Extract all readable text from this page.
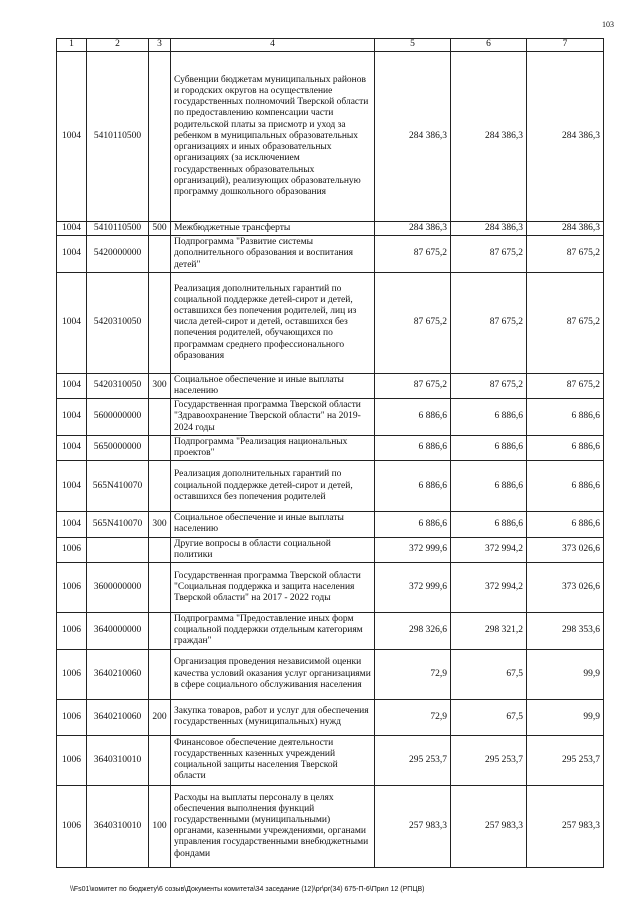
103
1	2	3	4	5	6	7
1004	5410110500		Субвенции бюджетам муниципальных районов и городских округов на осуществление государственных полномочий Тверской области по предоставлению компенсации части родительской платы за присмотр и уход за ребенком в муниципальных образовательных организациях и иных образовательных организациях (за исключением государственных образовательных организаций), реализующих образовательную программу дошкольного образования	284 386,3	284 386,3	284 386,3
1004	5410110500	500	Межбюджетные трансферты	284 386,3	284 386,3	284 386,3
1004	5420000000		Подпрограмма "Развитие системы дополнительного образования и воспитания детей"	87 675,2	87 675,2	87 675,2
1004	5420310050		Реализация дополнительных гарантий по социальной поддержке детей-сирот и детей, оставшихся без попечения родителей, лиц из числа детей-сирот и детей, оставшихся без попечения родителей, обучающихся по программам среднего профессионального образования	87 675,2	87 675,2	87 675,2
1004	5420310050	300	Социальное обеспечение и иные выплаты населению	87 675,2	87 675,2	87 675,2
1004	5600000000		Государственная программа Тверской области "Здравоохранение Тверской области" на 2019-2024 годы	6 886,6	6 886,6	6 886,6
1004	5650000000		Подпрограмма "Реализация национальных проектов"	6 886,6	6 886,6	6 886,6
1004	565N410070		Реализация дополнительных гарантий по социальной поддержке детей-сирот и детей, оставшихся без попечения родителей	6 886,6	6 886,6	6 886,6
1004	565N410070	300	Социальное обеспечение и иные выплаты населению	6 886,6	6 886,6	6 886,6
1006			Другие вопросы в области социальной политики	372 999,6	372 994,2	373 026,6
1006	3600000000		Государственная программа Тверской области "Социальная поддержка и защита населения Тверской области" на 2017 - 2022 годы	372 999,6	372 994,2	373 026,6
1006	3640000000		Подпрограмма "Предоставление иных форм социальной поддержки отдельным категориям граждан"	298 326,6	298 321,2	298 353,6
1006	3640210060		Организация проведения независимой оценки качества условий оказания услуг организациями в сфере социального обслуживания населения	72,9	67,5	99,9
1006	3640210060	200	Закупка товаров, работ и услуг для обеспечения государственных (муниципальных) нужд	72,9	67,5	99,9
1006	3640310010		Финансовое обеспечение деятельности государственных казенных учреждений социальной защиты населения Тверской области	295 253,7	295 253,7	295 253,7
1006	3640310010	100	Расходы на выплаты персоналу в целях обеспечения выполнения функций государственными (муниципальными) органами, казенными учреждениями, органами управления государственными внебюджетными фондами	257 983,3	257 983,3	257 983,3
\\Fs01\комитет по бюджету\6 созыв\Документы комитета\34 заседание (12)\pr\pr(34) 675-П-6\Прил 12 (РПЦВ)
